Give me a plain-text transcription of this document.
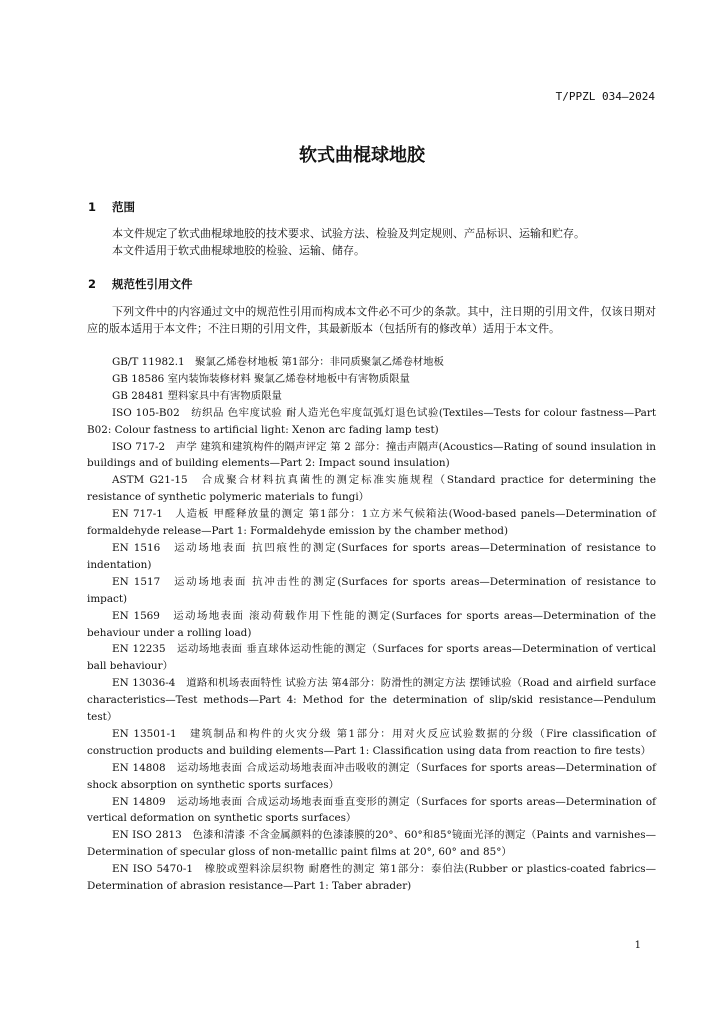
T/PPZL 034—2024
软式曲棍球地胶
1 范围

本文件规定了软式曲棍球地胶的技术要求、试验方法、检验及判定规则、产品标识、运输和贮存。

本文件适用于软式曲棍球地胶的检验、运输、储存。

2 规范性引用文件

下列文件中的内容通过文中的规范性引用而构成本文件必不可少的条款。其中，注日期的引用文件，仅该日期对应的版本适用于本文件；不注日期的引用文件，其最新版本（包括所有的修改单）适用于本文件。

GB/T 11982.1　聚氯乙烯卷材地板 第1部分：非同质聚氯乙烯卷材地板

GB 18586 室内装饰装修材料 聚氯乙烯卷材地板中有害物质限量

GB 28481 塑料家具中有害物质限量

ISO 105-B02　纺织品 色牢度试验 耐人造光色牢度氙弧灯退色试验(Textiles—Tests for colour fastness—Part B02: Colour fastness to artificial light: Xenon arc fading lamp test)

ISO 717-2　声学 建筑和建筑构件的隔声评定 第 2 部分：撞击声隔声(Acoustics—Rating of sound insulation in buildings and of building elements—Part 2: Impact sound insulation)

ASTM G21-15　合成聚合材料抗真菌性的测定标准实施规程（Standard practice for determining the resistance of synthetic polymeric materials to fungi）

EN 717-1　人造板 甲醛释放量的测定 第1部分：1立方米气候箱法(Wood-based panels—Determination of formaldehyde release—Part 1: Formaldehyde emission by the chamber method)

EN 1516　运动场地表面 抗凹痕性的测定(Surfaces for sports areas—Determination of resistance to indentation)

EN 1517　运动场地表面 抗冲击性的测定(Surfaces for sports areas—Determination of resistance to impact)

EN 1569　运动场地表面 滚动荷载作用下性能的测定(Surfaces for sports areas—Determination of the behaviour under a rolling load)

EN 12235　运动场地表面 垂直球体运动性能的测定（Surfaces for sports areas—Determination of vertical ball behaviour）

EN 13036-4　道路和机场表面特性 试验方法 第4部分：防滑性的测定方法 摆锤试验（Road and airfield surface characteristics—Test methods—Part 4: Method for the determination of slip/skid resistance—Pendulum test）

EN 13501-1　建筑制品和构件的火灾分级 第1部分：用对火反应试验数据的分级（Fire classification of construction products and building elements—Part 1: Classification using data from reaction to fire tests）

EN 14808　运动场地表面 合成运动场地表面冲击吸收的测定（Surfaces for sports areas—Determination of shock absorption on synthetic sports surfaces）

EN 14809　运动场地表面 合成运动场地表面垂直变形的测定（Surfaces for sports areas—Determination of vertical deformation on synthetic sports surfaces）

EN ISO 2813　色漆和清漆 不含金属颜料的色漆漆膜的20°、60°和85°镜面光泽的测定（Paints and varnishes—Determination of specular gloss of non-metallic paint films at 20°, 60° and 85°）

EN ISO 5470-1　橡胶或塑料涂层织物 耐磨性的测定 第1部分：泰伯法(Rubber or plastics-coated fabrics—Determination of abrasion resistance—Part 1: Taber abrader)

1
